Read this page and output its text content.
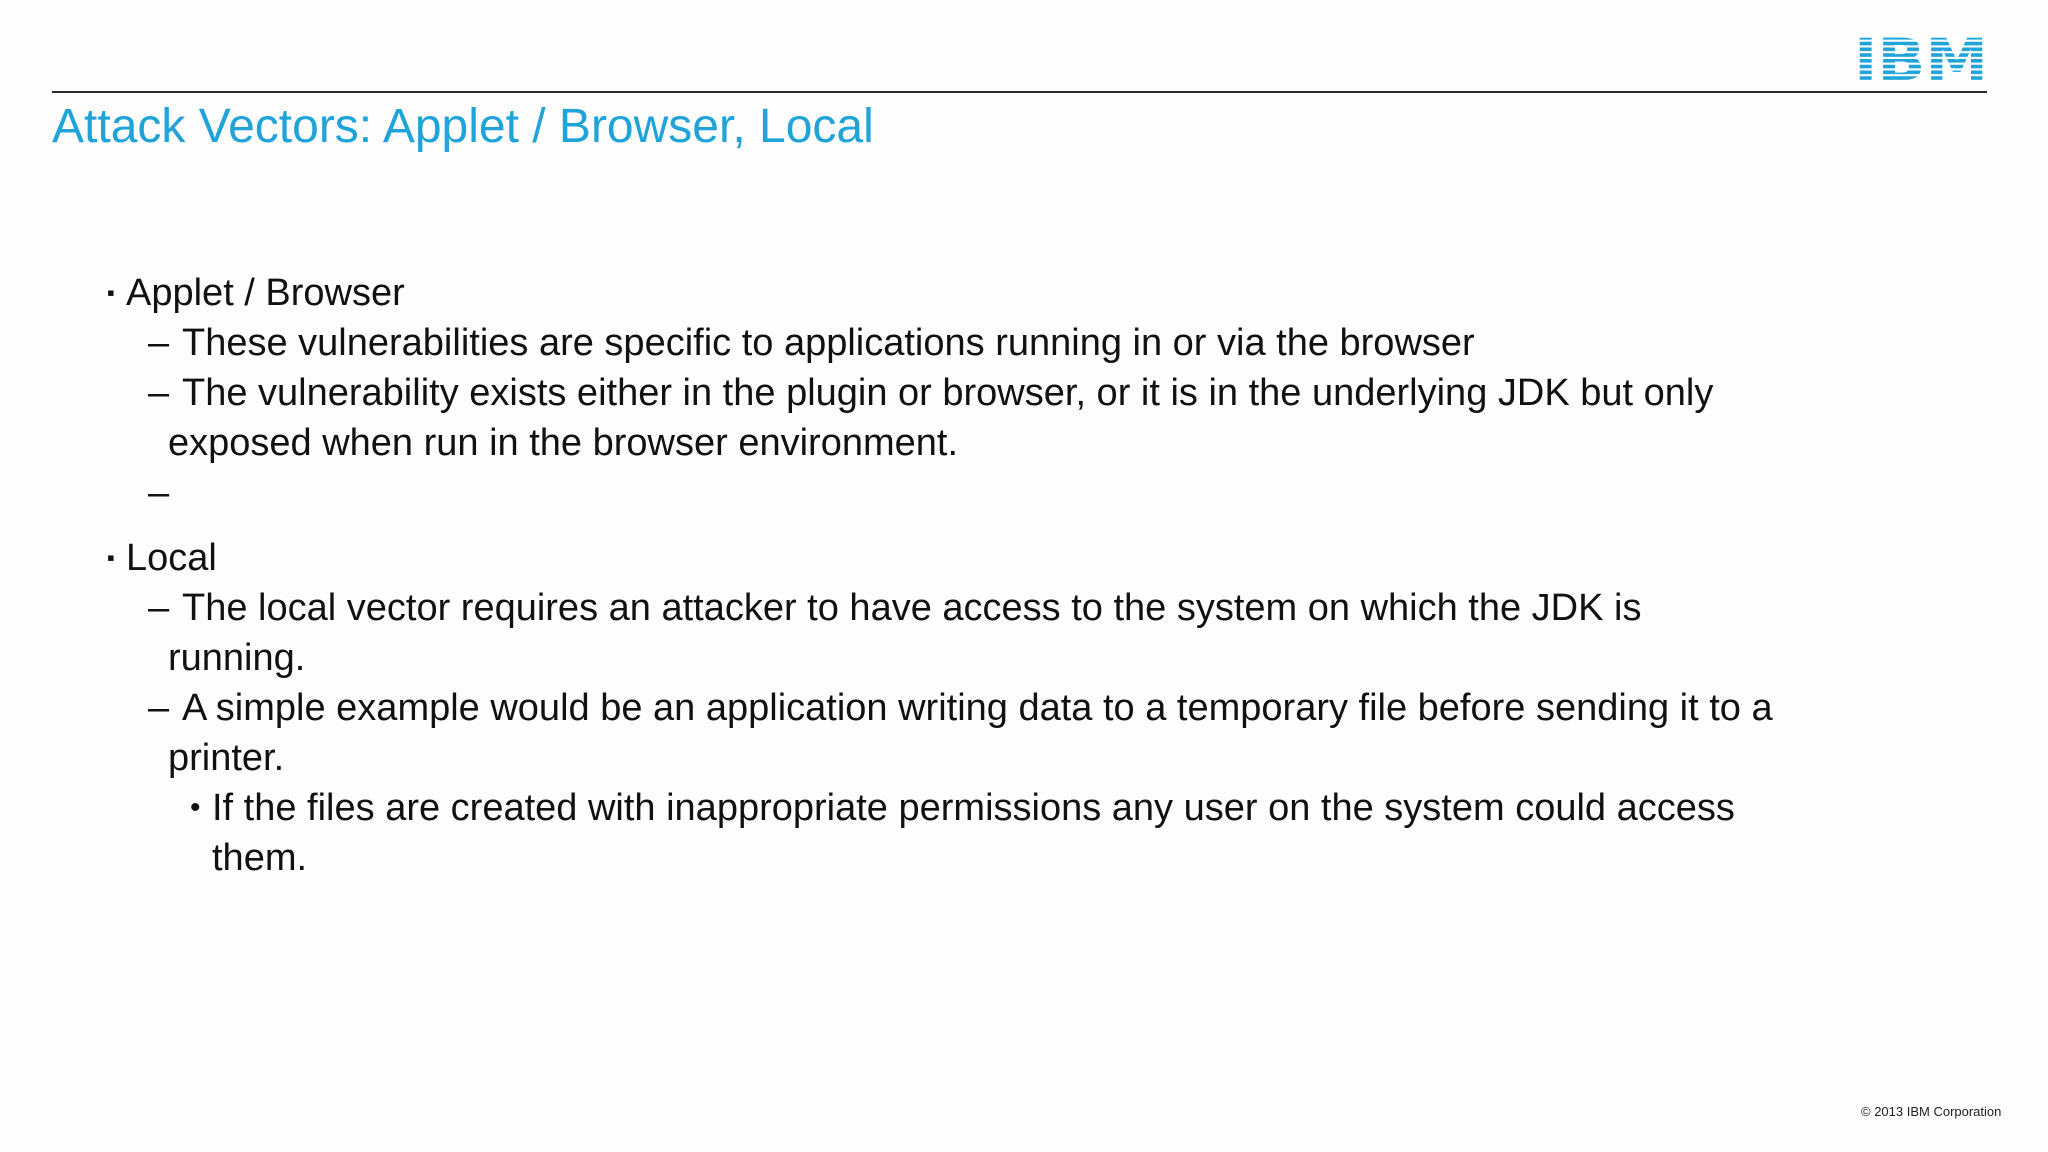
Attack Vectors: Applet / Browser, Local
▪ Applet / Browser
– These vulnerabilities are specific to applications running in or via the browser
– The vulnerability exists either in the plugin or browser, or it is in the underlying JDK but only
exposed when run in the browser environment.
–
▪ Local
– The local vector requires an attacker to have access to the system on which the JDK is
running.
– A simple example would be an application writing data to a temporary file before sending it to a
printer.
• If the files are created with inappropriate permissions any user on the system could access
them.
© 2013 IBM Corporation
